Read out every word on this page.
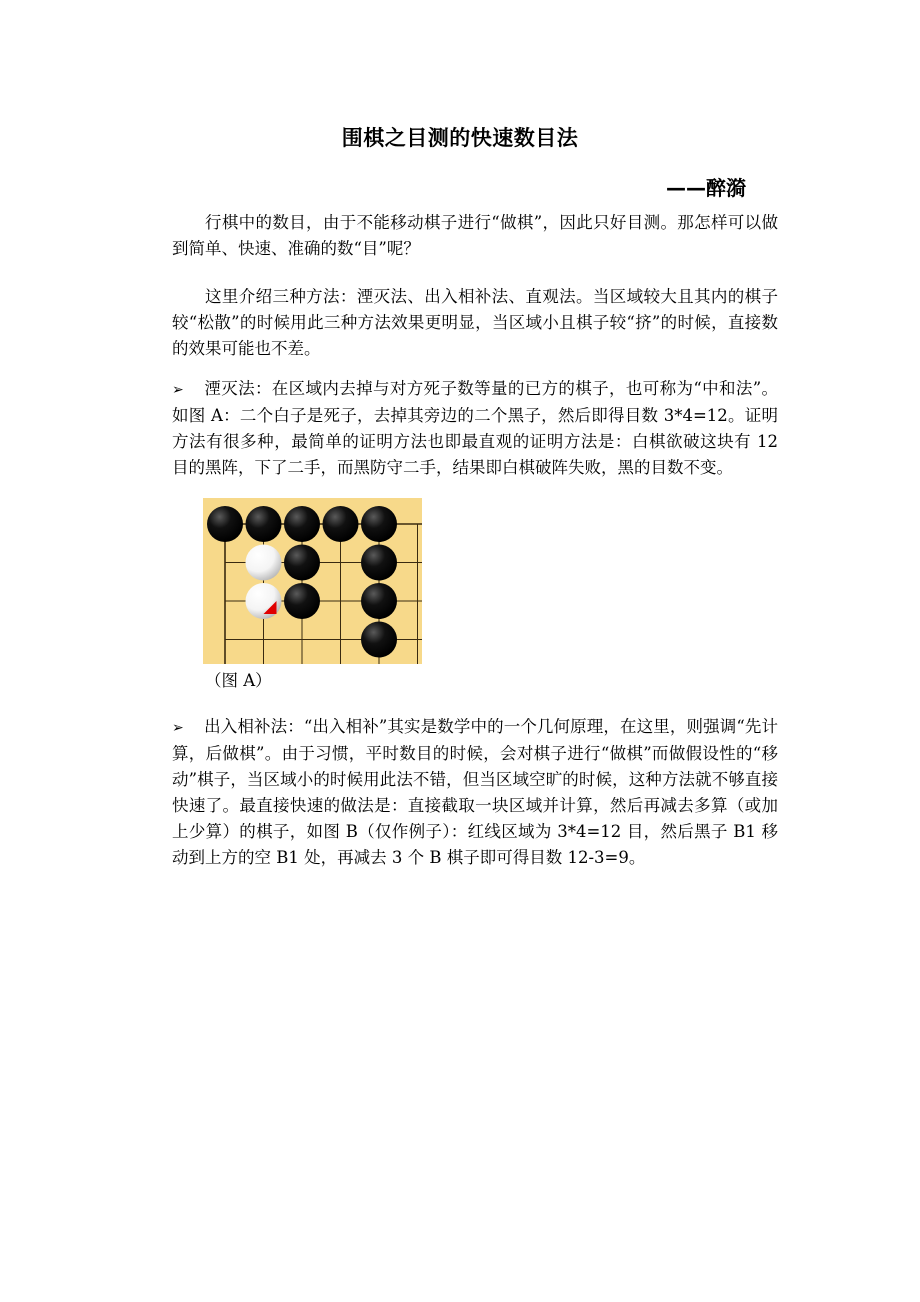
围棋之目测的快速数目法
——醉漪
行棋中的数目，由于不能移动棋子进行“做棋”，因此只好目测。那怎样可以做到简单、快速、准确的数“目”呢？
这里介绍三种方法：湮灭法、出入相补法、直观法。当区域较大且其内的棋子较“松散”的时候用此三种方法效果更明显，当区域小且棋子较“挤”的时候，直接数的效果可能也不差。
➢ 湮灭法：在区域内去掉与对方死子数等量的已方的棋子，也可称为“中和法”。如图 A：二个白子是死子，去掉其旁边的二个黑子，然后即得目数 3*4=12。证明方法有很多种，最简单的证明方法也即最直观的证明方法是：白棋欲破这块有 12 目的黑阵，下了二手，而黑防守二手，结果即白棋破阵失败，黑的目数不变。
（图 A）
➢ 出入相补法：“出入相补”其实是数学中的一个几何原理，在这里，则强调“先计算，后做棋”。由于习惯，平时数目的时候，会对棋子进行“做棋”而做假设性的“移动”棋子，当区域小的时候用此法不错，但当区域空旷的时候，这种方法就不够直接快速了。最直接快速的做法是：直接截取一块区域并计算，然后再减去多算（或加上少算）的棋子，如图 B（仅作例子）：红线区域为 3*4=12 目，然后黑子 B1 移动到上方的空 B1 处，再减去 3 个 B 棋子即可得目数 12-3=9。
